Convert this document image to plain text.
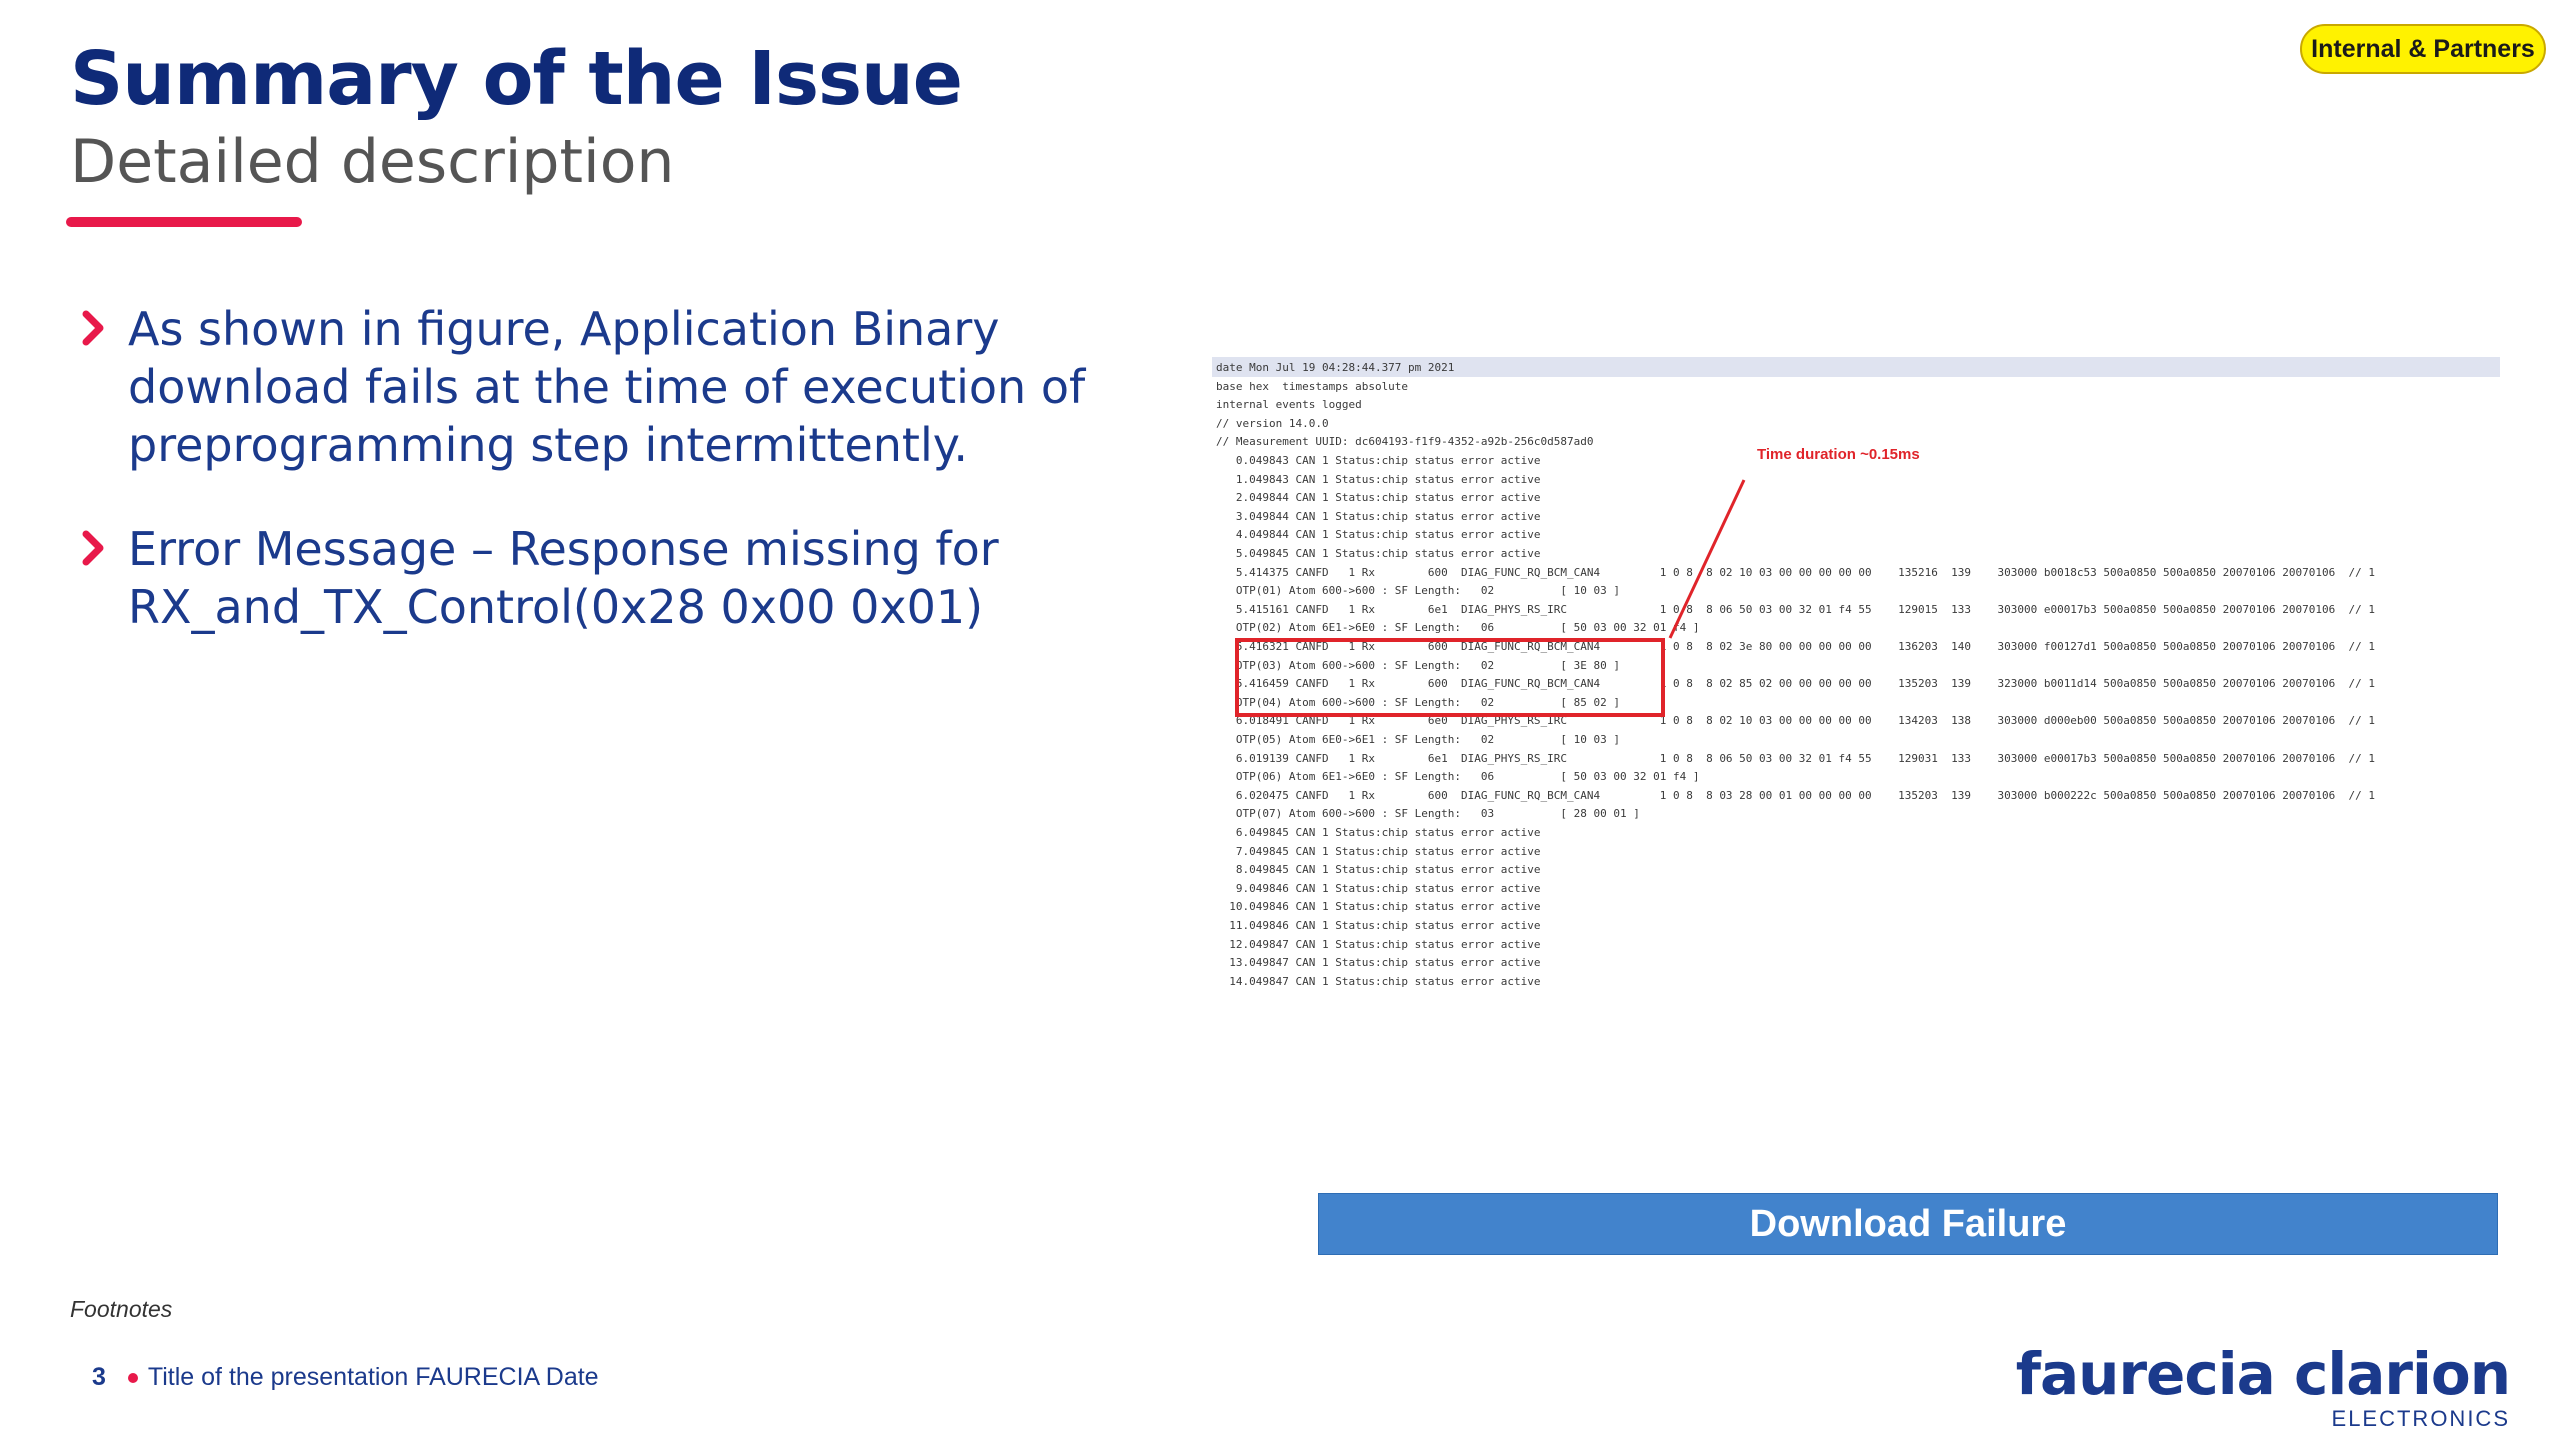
Summary of the Issue
Detailed description
Internal & Partners
As shown in figure, Application Binary download fails at the time of execution of preprogramming step intermittently.
Error Message – Response missing for RX_and_TX_Control(0x28 0x00 0x01)
date Mon Jul 19 04:28:44.377 pm 2021
base hex  timestamps absolute
internal events logged
// version 14.0.0
// Measurement UUID: dc604193-f1f9-4352-a92b-256c0d587ad0
0.049843 CAN 1 Status:chip status error active
1.049843 CAN 1 Status:chip status error active
2.049844 CAN 1 Status:chip status error active
3.049844 CAN 1 Status:chip status error active
4.049844 CAN 1 Status:chip status error active
5.049845 CAN 1 Status:chip status error active
5.414375 CANFD   1 Rx        600  DIAG_FUNC_RQ_BCM_CAN4         1 0 8  8 02 10 03 00 00 00 00 00    135216  139    303000 b0018c53 500a0850 500a0850 20070106 20070106  // 1
OTP(01) Atom 600->600 : SF Length:   02          [ 10 03 ]
5.415161 CANFD   1 Rx        6e1  DIAG_PHYS_RS_IRC              1 0 8  8 06 50 03 00 32 01 f4 55    129015  133    303000 e00017b3 500a0850 500a0850 20070106 20070106  // 1
OTP(02) Atom 6E1->6E0 : SF Length:   06          [ 50 03 00 32 01 f4 ]
5.416321 CANFD   1 Rx        600  DIAG_FUNC_RQ_BCM_CAN4         1 0 8  8 02 3e 80 00 00 00 00 00    136203  140    303000 f00127d1 500a0850 500a0850 20070106 20070106  // 1
OTP(03) Atom 600->600 : SF Length:   02          [ 3E 80 ]
5.416459 CANFD   1 Rx        600  DIAG_FUNC_RQ_BCM_CAN4         1 0 8  8 02 85 02 00 00 00 00 00    135203  139    323000 b0011d14 500a0850 500a0850 20070106 20070106  // 1
OTP(04) Atom 600->600 : SF Length:   02          [ 85 02 ]
6.018491 CANFD   1 Rx        6e0  DIAG_PHYS_RS_IRC              1 0 8  8 02 10 03 00 00 00 00 00    134203  138    303000 d000eb00 500a0850 500a0850 20070106 20070106  // 1
OTP(05) Atom 6E0->6E1 : SF Length:   02          [ 10 03 ]
6.019139 CANFD   1 Rx        6e1  DIAG_PHYS_RS_IRC              1 0 8  8 06 50 03 00 32 01 f4 55    129031  133    303000 e00017b3 500a0850 500a0850 20070106 20070106  // 1
OTP(06) Atom 6E1->6E0 : SF Length:   06          [ 50 03 00 32 01 f4 ]
6.020475 CANFD   1 Rx        600  DIAG_FUNC_RQ_BCM_CAN4         1 0 8  8 03 28 00 01 00 00 00 00    135203  139    303000 b000222c 500a0850 500a0850 20070106 20070106  // 1
OTP(07) Atom 600->600 : SF Length:   03          [ 28 00 01 ]
6.049845 CAN 1 Status:chip status error active
7.049845 CAN 1 Status:chip status error active
8.049845 CAN 1 Status:chip status error active
9.049846 CAN 1 Status:chip status error active
10.049846 CAN 1 Status:chip status error active
11.049846 CAN 1 Status:chip status error active
12.049847 CAN 1 Status:chip status error active
13.049847 CAN 1 Status:chip status error active
14.049847 CAN 1 Status:chip status error active
Time duration ~0.15ms
Download Failure
Footnotes
3 Title of the presentation FAURECIA Date	faurecia clarion
ELECTRONICS
